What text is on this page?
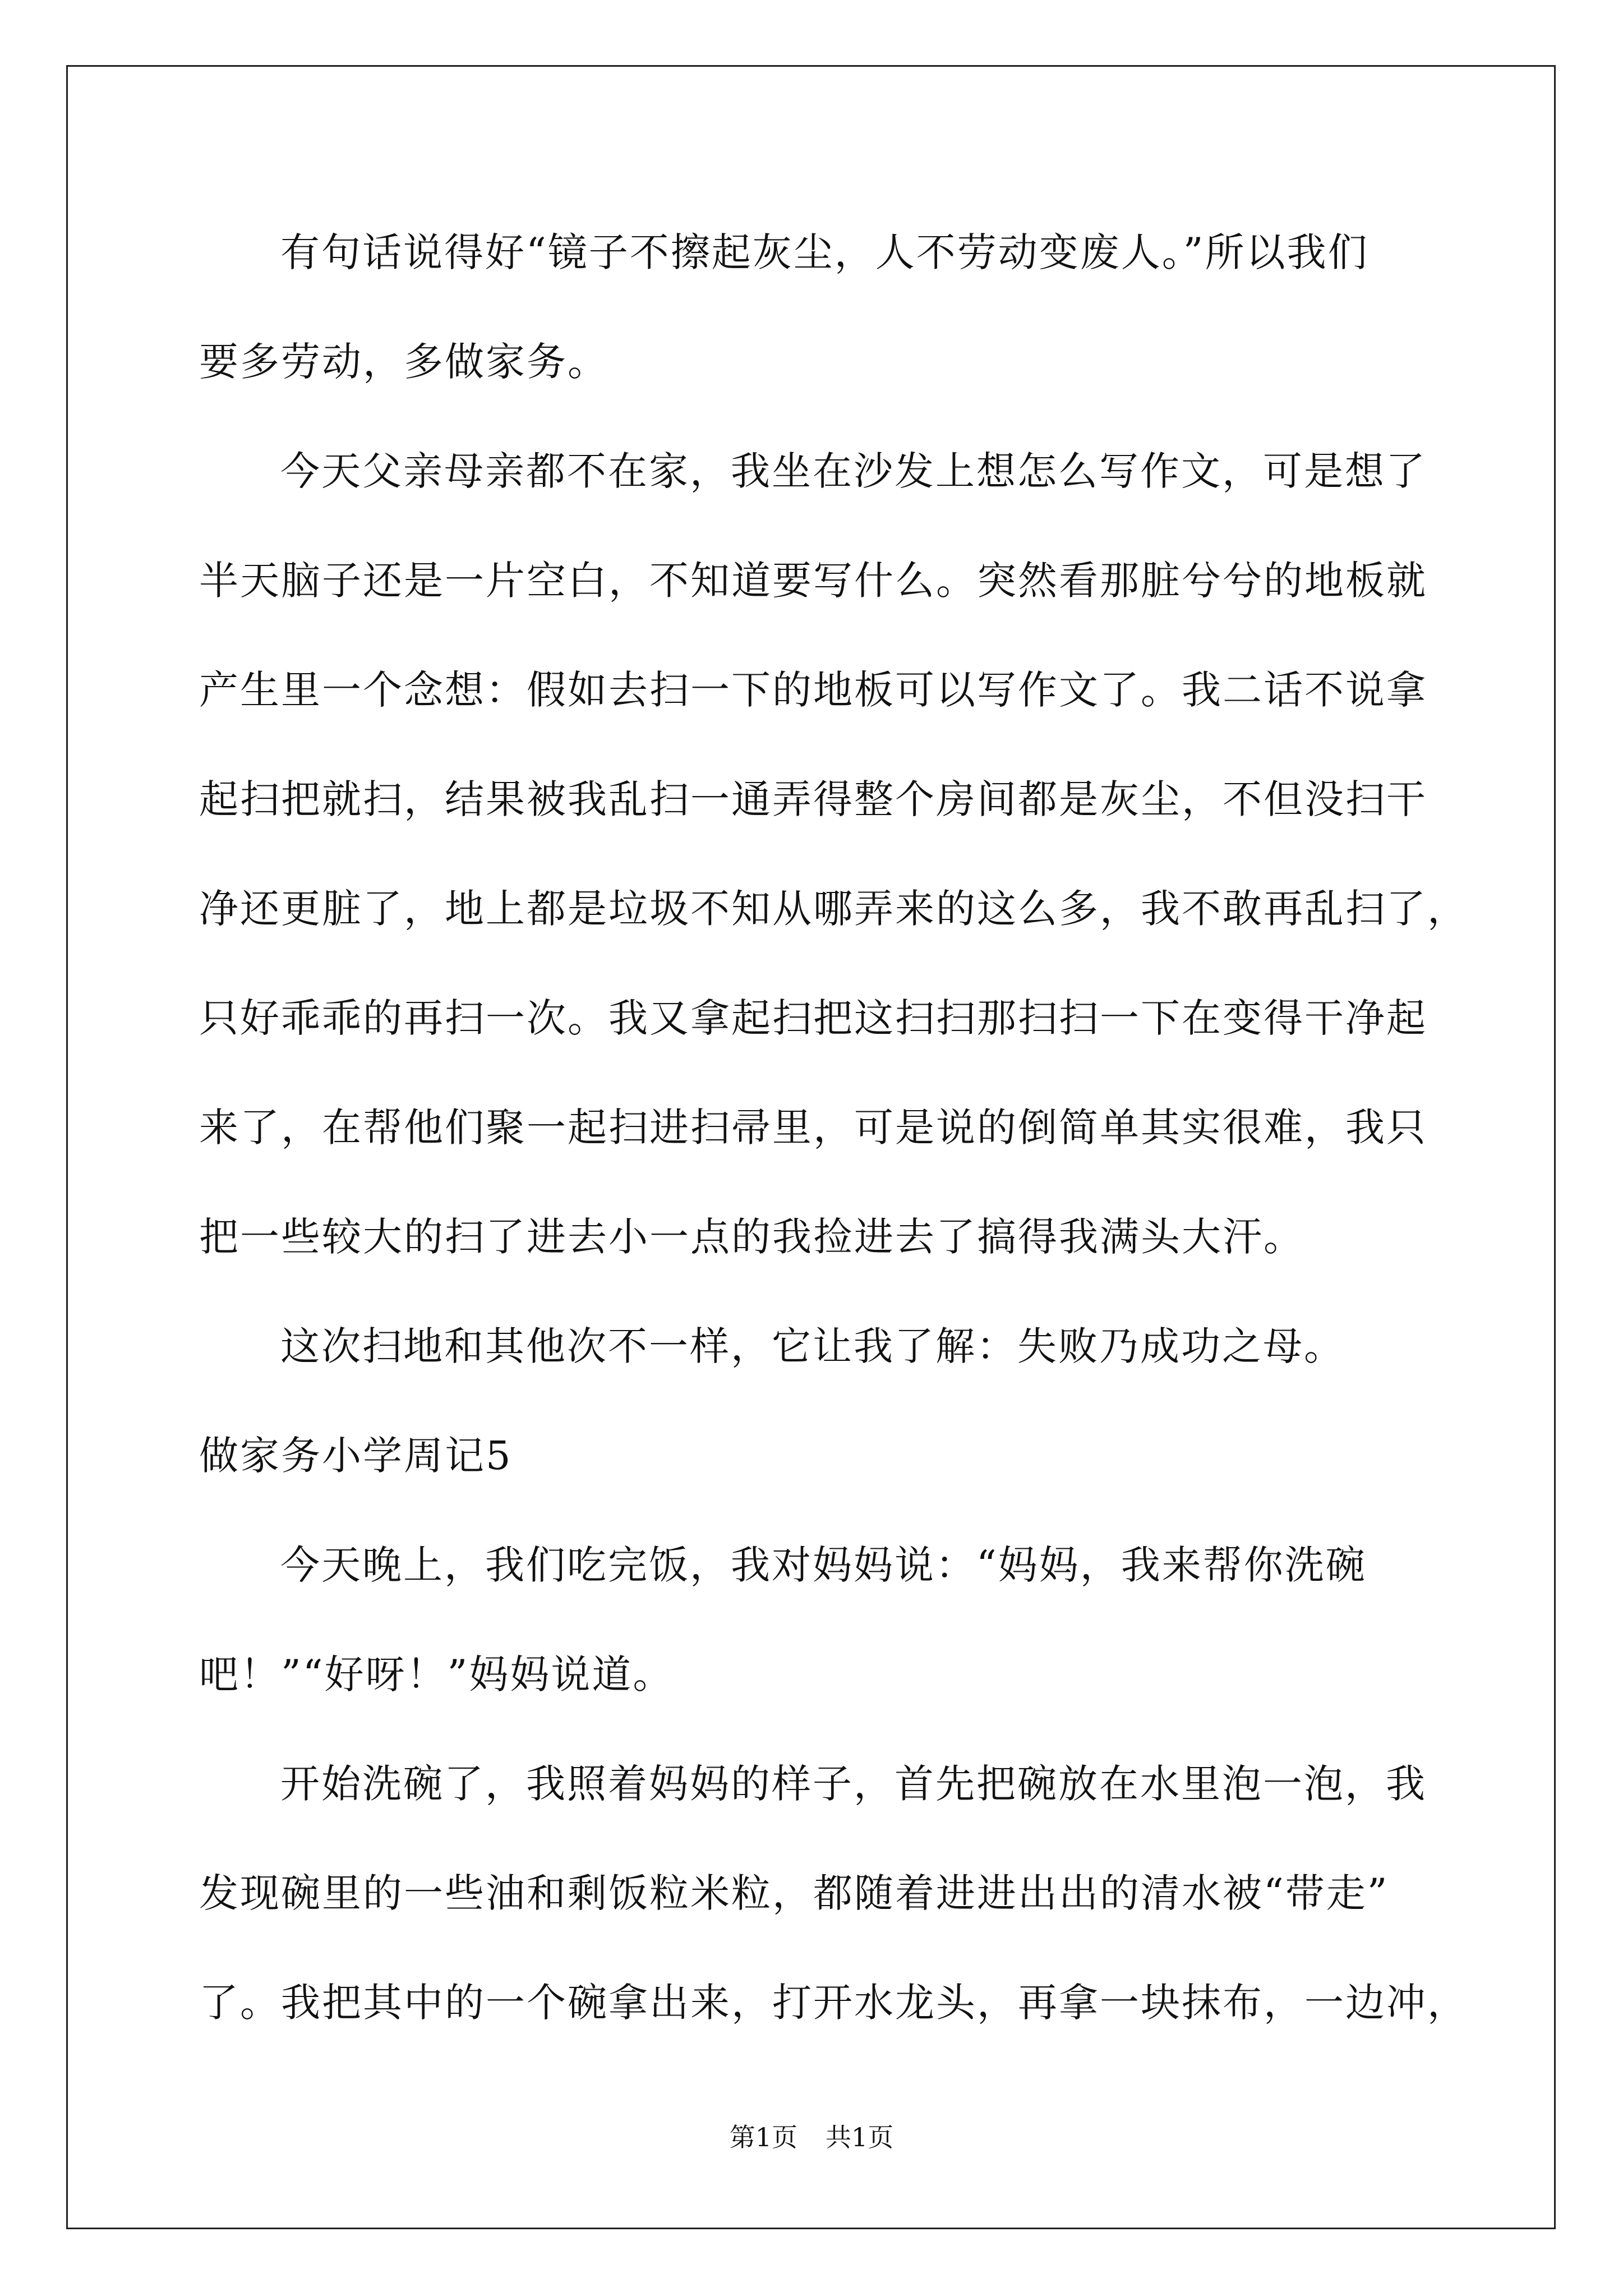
有句话说得好“镜子不擦起灰尘，人不劳动变废人。”所以我们
要多劳动，多做家务。
今天父亲母亲都不在家，我坐在沙发上想怎么写作文，可是想了
半天脑子还是一片空白，不知道要写什么。突然看那脏兮兮的地板就
产生里一个念想：假如去扫一下的地板可以写作文了。我二话不说拿
起扫把就扫，结果被我乱扫一通弄得整个房间都是灰尘，不但没扫干
净还更脏了，地上都是垃圾不知从哪弄来的这么多，我不敢再乱扫了，
只好乖乖的再扫一次。我又拿起扫把这扫扫那扫扫一下在变得干净起
来了，在帮他们聚一起扫进扫帚里，可是说的倒简单其实很难，我只
把一些较大的扫了进去小一点的我捡进去了搞得我满头大汗。
这次扫地和其他次不一样，它让我了解：失败乃成功之母。
做家务小学周记5
今天晚上，我们吃完饭，我对妈妈说：“妈妈，我来帮你洗碗
吧！”“好呀！”妈妈说道。
开始洗碗了，我照着妈妈的样子，首先把碗放在水里泡一泡，我
发现碗里的一些油和剩饭粒米粒，都随着进进出出的清水被“带走”
了。我把其中的一个碗拿出来，打开水龙头，再拿一块抹布，一边冲，
第1页 共1页
